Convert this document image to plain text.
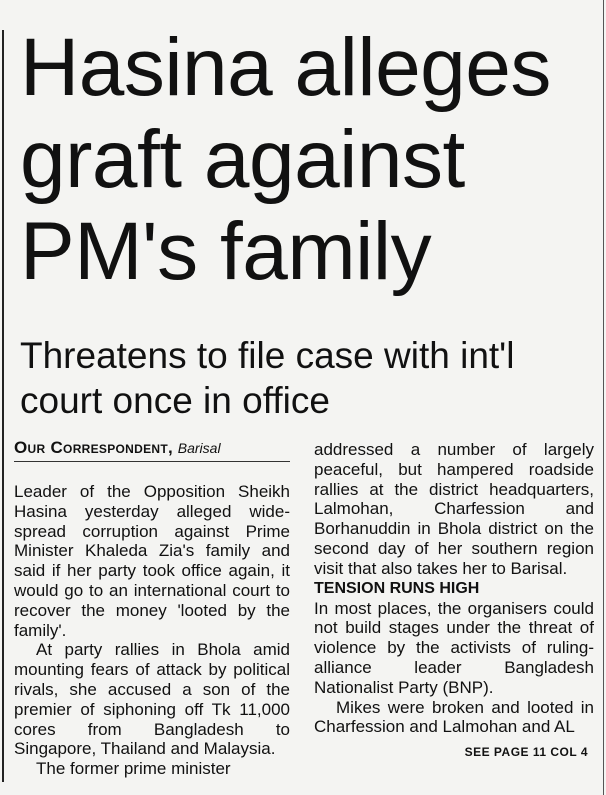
Hasina alleges
graft against
PM's family
Threatens to file case with int'l
court once in office
Our Correspondent, Barisal

Leader of the Opposition Sheikh Hasina yesterday alleged wide-spread corruption against Prime Minister Khaleda Zia's family and said if her party took office again, it would go to an international court to recover the money 'looted by the family'.

At party rallies in Bhola amid mounting fears of attack by political rivals, she accused a son of the premier of siphoning off Tk 11,000 cores from Bangladesh to Singapore, Thailand and Malaysia.

The former prime minister

addressed a number of largely peaceful, but hampered roadside rallies at the district headquarters, Lalmohan, Charfession and Borhanuddin in Bhola district on the second day of her southern region visit that also takes her to Barisal.

TENSION RUNS HIGH

In most places, the organisers could not build stages under the threat of violence by the activists of ruling-alliance leader Bangladesh Nationalist Party (BNP).

Mikes were broken and looted in Charfession and Lalmohan and AL

SEE PAGE 11 COL 4
